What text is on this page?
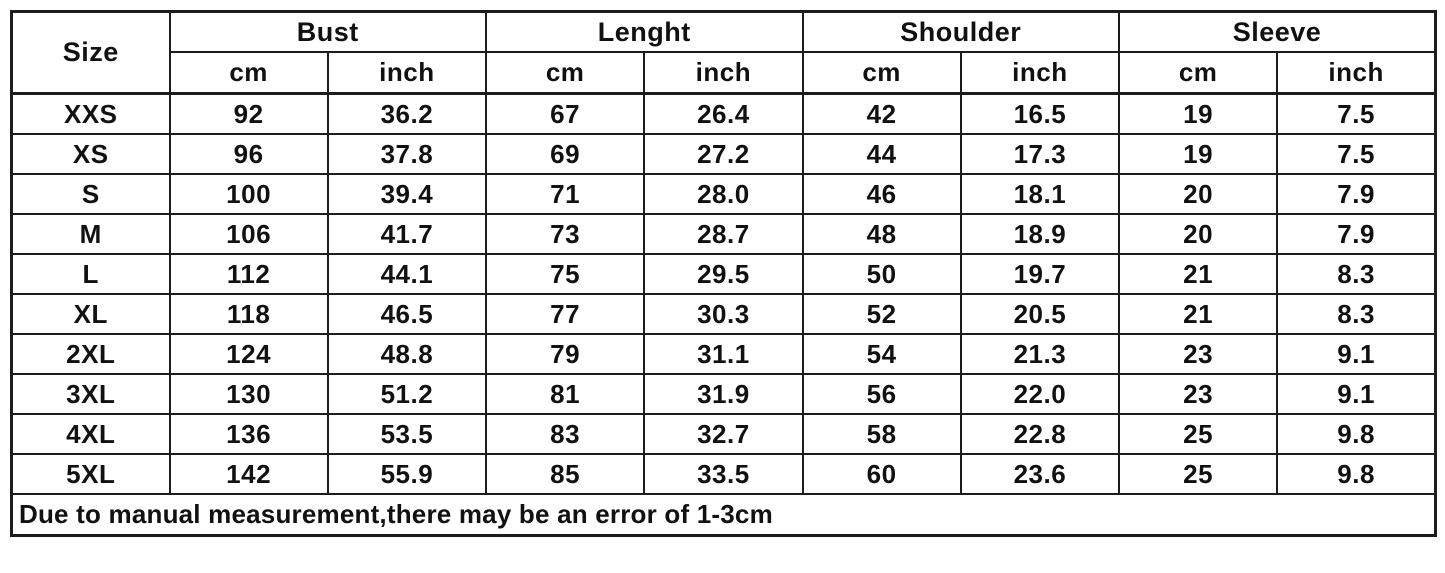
Size	Bust		Lenght		Shoulder		Sleeve	
	cm	inch	cm	inch	cm	inch	cm	inch
XXS	92	36.2	67	26.4	42	16.5	19	7.5
XS	96	37.8	69	27.2	44	17.3	19	7.5
S	100	39.4	71	28.0	46	18.1	20	7.9
M	106	41.7	73	28.7	48	18.9	20	7.9
L	112	44.1	75	29.5	50	19.7	21	8.3
XL	118	46.5	77	30.3	52	20.5	21	8.3
2XL	124	48.8	79	31.1	54	21.3	23	9.1
3XL	130	51.2	81	31.9	56	22.0	23	9.1
4XL	136	53.5	83	32.7	58	22.8	25	9.8
5XL	142	55.9	85	33.5	60	23.6	25	9.8
Due to manual measurement,there may be an error of 1-3cm								
